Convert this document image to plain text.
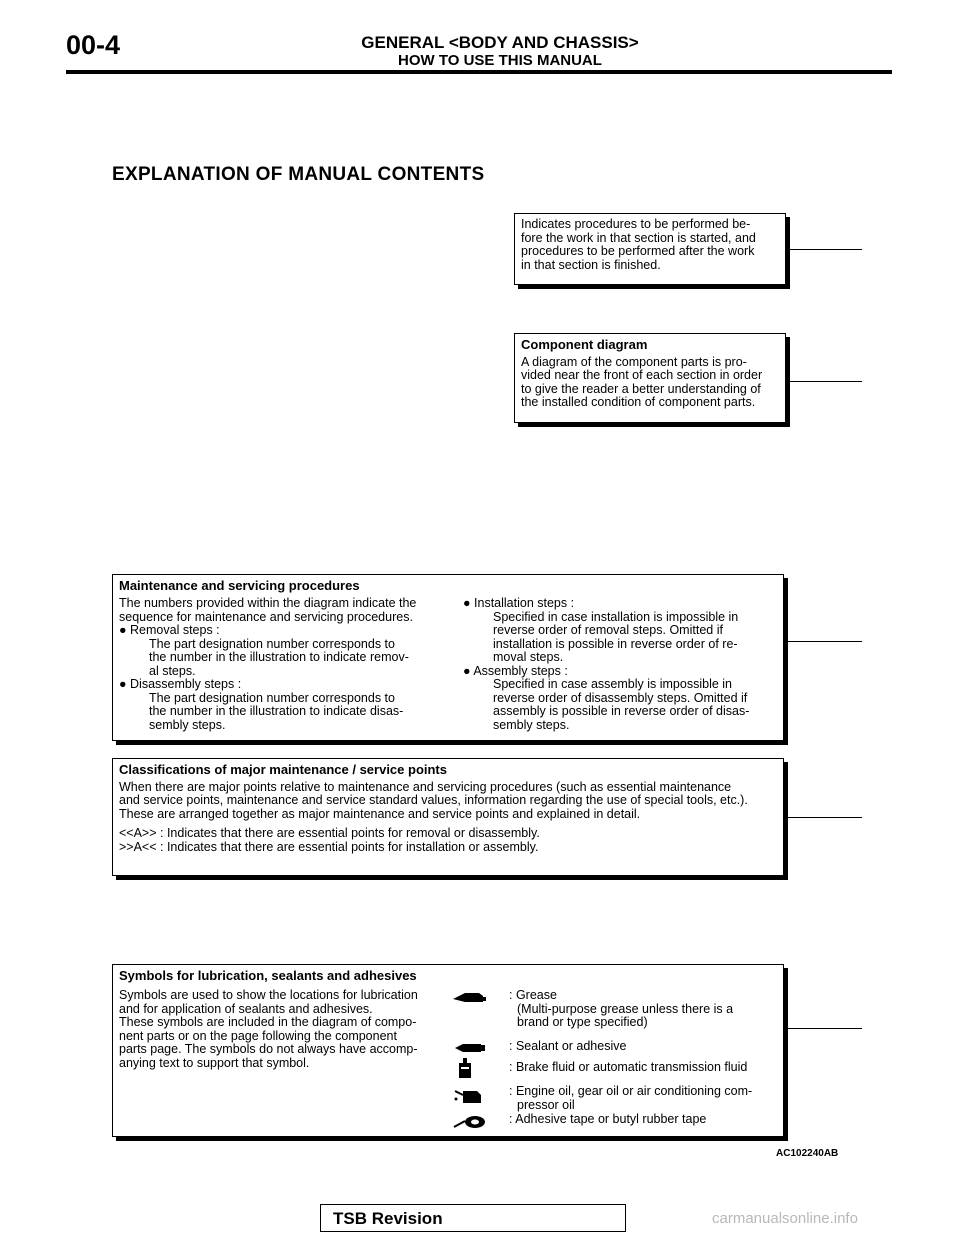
00-4	GENERAL <BODY AND CHASSIS>
HOW TO USE THIS MANUAL
EXPLANATION OF MANUAL CONTENTS
Indicates procedures to be performed be-
fore the work in that section is started, and
procedures to be performed after the work
in that section is finished.
Component diagram
A diagram of the component parts is pro-
vided near the front of each section in order
to give the reader a better understanding of
the installed condition of component parts.
Maintenance and servicing procedures

The numbers provided within the diagram indicate the

sequence for maintenance and servicing procedures.

● Removal steps :

The part designation number corresponds to

the number in the illustration to indicate remov-

al steps.

● Disassembly steps :

The part designation number corresponds to

the number in the illustration to indicate disas-

sembly steps.

● Installation steps :

Specified in case installation is impossible in

reverse order of removal steps. Omitted if

installation is possible in reverse order of re-

moval steps.

● Assembly steps :

Specified in case assembly is impossible in

reverse order of disassembly steps. Omitted if

assembly is possible in reverse order of disas-

sembly steps.

Classifications of major maintenance / service points
When there are major points relative to maintenance and servicing procedures (such as essential maintenance
and service points, maintenance and service standard values, information regarding the use of special tools, etc.).
These are arranged together as major maintenance and service points and explained in detail.
<<A>> : Indicates that there are essential points for removal or disassembly.
>>A<< : Indicates that there are essential points for installation or assembly.
Symbols for lubrication, sealants and adhesives

Symbols are used to show the locations for lubrication

and for application of sealants and adhesives.

These symbols are included in the diagram of compo-

nent parts or on the page following the component

parts page. The symbols do not always have accomp-

anying text to support that symbol.

: Grease
(Multi-purpose grease unless there is a
brand or type specified)
: Sealant or adhesive
: Brake fluid or automatic transmission fluid
: Engine oil, gear oil or air conditioning com-
pressor oil
: Adhesive tape or butyl rubber tape
AC102240AB
TSB Revision	carmanualsonline.info
